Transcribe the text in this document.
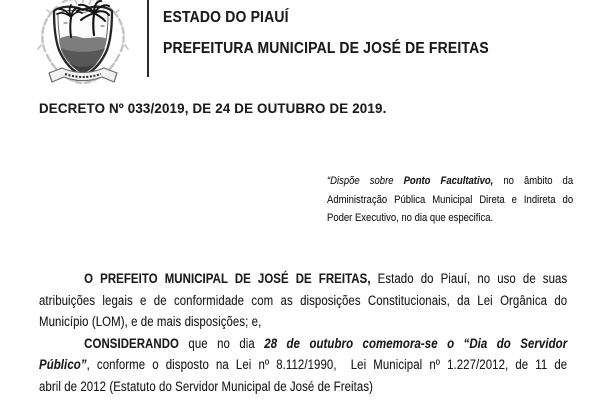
ESTADO DO PIAUÍ
PREFEITURA MUNICIPAL DE JOSÉ DE FREITAS
DECRETO Nº 033/2019, DE 24 DE OUTUBRO DE 2019.
“Dispõe sobre Ponto Facultativo, no âmbito da
Administração Pública Municipal Direta e Indireta do
Poder Executivo, no dia que especifica.

O PREFEITO MUNICIPAL DE JOSÉ DE FREITAS, Estado do Piauí, no uso de suas
atribuições legais e de conformidade com as disposições Constitucionais, da Lei Orgânica do
Município (LOM), e de mais disposições; e,

CONSIDERANDO que no dia 28 de outubro comemora-se o “Dia do Servidor
Público”, conforme o disposto na Lei nº 8.112/1990,  Lei Municipal nº 1.227/2012, de 11 de
abril de 2012 (Estatuto do Servidor Municipal de José de Freitas)
